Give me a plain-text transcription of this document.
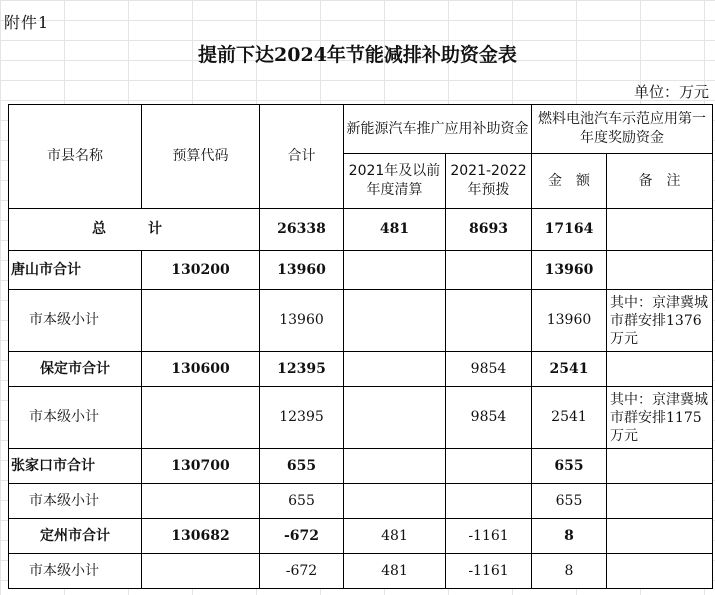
附件1
提前下达2024年节能减排补助资金表
单位：万元
市县名称	预算代码	合计	新能源汽车推广应用补助资金		燃料电池汽车示范应用第一年度奖励资金	
			2021年及以前年度清算	2021-2022年预拨	金　额	备　注
总　计		26338	481	8693	17164	
唐山市合计	130200	13960			13960	
市本级小计		13960			13960	其中：京津冀城市群安排1376万元
保定市合计	130600	12395		9854	2541	
市本级小计		12395		9854	2541	其中：京津冀城市群安排1175万元
张家口市合计	130700	655			655	
市本级小计		655			655	
定州市合计	130682	-672	481	-1161	8	
市本级小计		-672	481	-1161	8	
